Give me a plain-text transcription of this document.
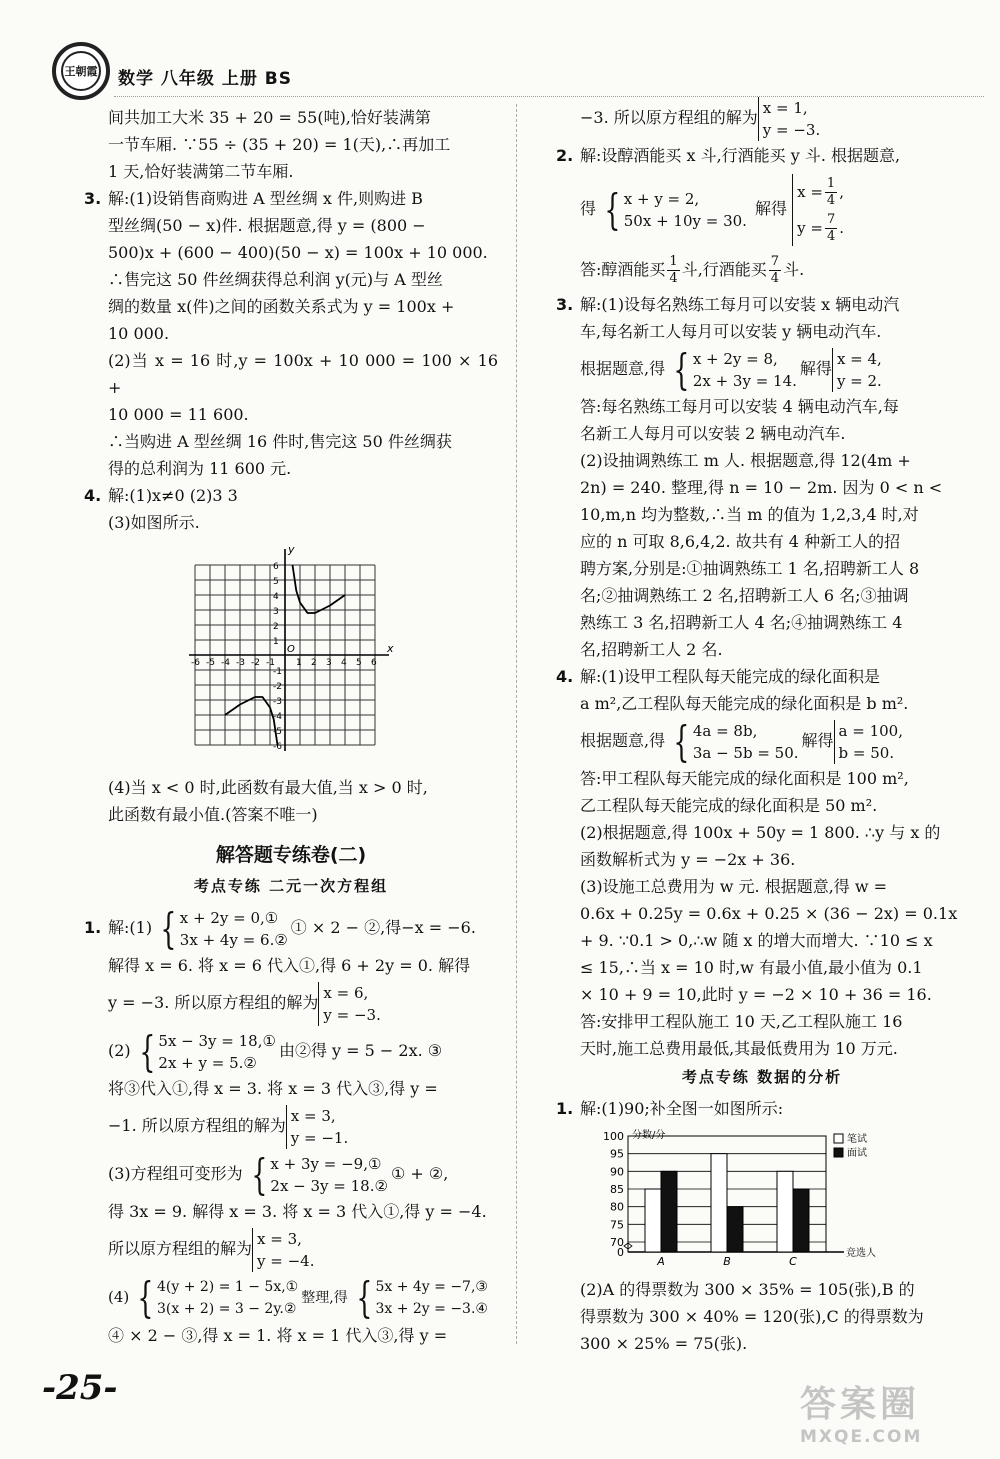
王朝霞 数学 八年级 上册 BS

间共加工大米 35 + 20 = 55(吨),恰好装满第

一节车厢. ∵55 ÷ (35 + 20) = 1(天),∴再加工

1 天,恰好装满第二节车厢.

3. 解:(1)设销售商购进 A 型丝绸 x 件,则购进 B

型丝绸(50 − x)件. 根据题意,得 y = (800 −

500)x + (600 − 400)(50 − x) = 100x + 10 000.

∴售完这 50 件丝绸获得总利润 y(元)与 A 型丝

绸的数量 x(件)之间的函数关系式为 y = 100x +

10 000.

(2)当 x = 16 时,y = 100x + 10 000 = 100 × 16 +

10 000 = 11 600.

∴当购进 A 型丝绸 16 件时,售完这 50 件丝绸获

得的总利润为 11 600 元.

4. 解:(1)x≠0 (2)3 3

(3)如图所示.

x
y
O
-6 -5 -4 -3 -2 -1 1 2 3 4 5 6
6
5
4
3
2
1
-1
-2
-3
-4
-5
-6

(4)当 x < 0 时,此函数有最大值,当 x > 0 时,

此函数有最小值.(答案不唯一)

解答题专练卷(二)
考点专练 二元一次方程组

1. 解:(1) { x + 2y = 0,①
3x + 4y = 6.②
① × 2 − ②,得−x = −6.

解得 x = 6. 将 x = 6 代入①,得 6 + 2y = 0. 解得

y = −3. 所以原方程组的解为x = 6,
y = −3.

(2) { 5x − 3y = 18,①
2x + y = 5.②
由②得 y = 5 − 2x. ③

将③代入①,得 x = 3. 将 x = 3 代入③,得 y =

−1. 所以原方程组的解为x = 3,
y = −1.

(3)方程组可变形为 { x + 3y = −9,①
2x − 3y = 18.②
① + ②,

得 3x = 9. 解得 x = 3. 将 x = 3 代入①,得 y = −4.

所以原方程组的解为x = 3,
y = −4.

(4) { 4(y + 2) = 1 − 5x,①
3(x + 2) = 3 − 2y.②
整理,得 { 5x + 4y = −7,③
3x + 2y = −3.④

④ × 2 − ③,得 x = 1. 将 x = 1 代入③,得 y =

−3. 所以原方程组的解为x = 1,
y = −3.

2. 解:设醇酒能买 x 斗,行酒能买 y 斗. 根据题意,

得 { x + y = 2,
50x + 10y = 30.
解得 $x = \frac{1}{4}$ ,
$y = \frac{7}{4}$ .

答:醇酒能买 $\frac{1}{4}$ 斗,行酒能买 $\frac{7}{4}$ 斗.

3. 解:(1)设每名熟练工每月可以安装 x 辆电动汽

车,每名新工人每月可以安装 y 辆电动汽车.

根据题意,得 { x + 2y = 8,
2x + 3y = 14.
解得x = 4,
y = 2.

答:每名熟练工每月可以安装 4 辆电动汽车,每

名新工人每月可以安装 2 辆电动汽车.

(2)设抽调熟练工 m 人. 根据题意,得 12(4m +

2n) = 240. 整理,得 n = 10 − 2m. 因为 0 < n <

10,m,n 均为整数,∴当 m 的值为 1,2,3,4 时,对

应的 n 可取 8,6,4,2. 故共有 4 种新工人的招

聘方案,分别是:①抽调熟练工 1 名,招聘新工人 8

名;②抽调熟练工 2 名,招聘新工人 6 名;③抽调

熟练工 3 名,招聘新工人 4 名;④抽调熟练工 4

名,招聘新工人 2 名.

4. 解:(1)设甲工程队每天能完成的绿化面积是

a m²,乙工程队每天能完成的绿化面积是 b m².

根据题意,得 { 4a = 8b,
3a − 5b = 50.
解得a = 100,
b = 50.

答:甲工程队每天能完成的绿化面积是 100 m²,

乙工程队每天能完成的绿化面积是 50 m².

(2)根据题意,得 100x + 50y = 1 800. ∴y 与 x 的

函数解析式为 y = −2x + 36.

(3)设施工总费用为 w 元. 根据题意,得 w =

0.6x + 0.25y = 0.6x + 0.25 × (36 − 2x) = 0.1x

+ 9. ∵0.1 > 0,∴w 随 x 的增大而增大. ∵10 ≤ x

≤ 15,∴当 x = 10 时,w 有最小值,最小值为 0.1

× 10 + 9 = 10,此时 y = −2 × 10 + 36 = 16.

答:安排甲工程队施工 10 天,乙工程队施工 16

天时,施工总费用最低,其最低费用为 10 万元.

考点专练 数据的分析

1. 解:(1)90;补全图一如图所示:

0
70
75
80
85
90
95
100 分数/分
竞选人
A	B	C
笔试
面试

(2)A 的得票数为 300 × 35% = 105(张),B 的

得票数为 300 × 40% = 120(张),C 的得票数为

300 × 25% = 75(张).

-25-	答案圈
MXQE.COM
